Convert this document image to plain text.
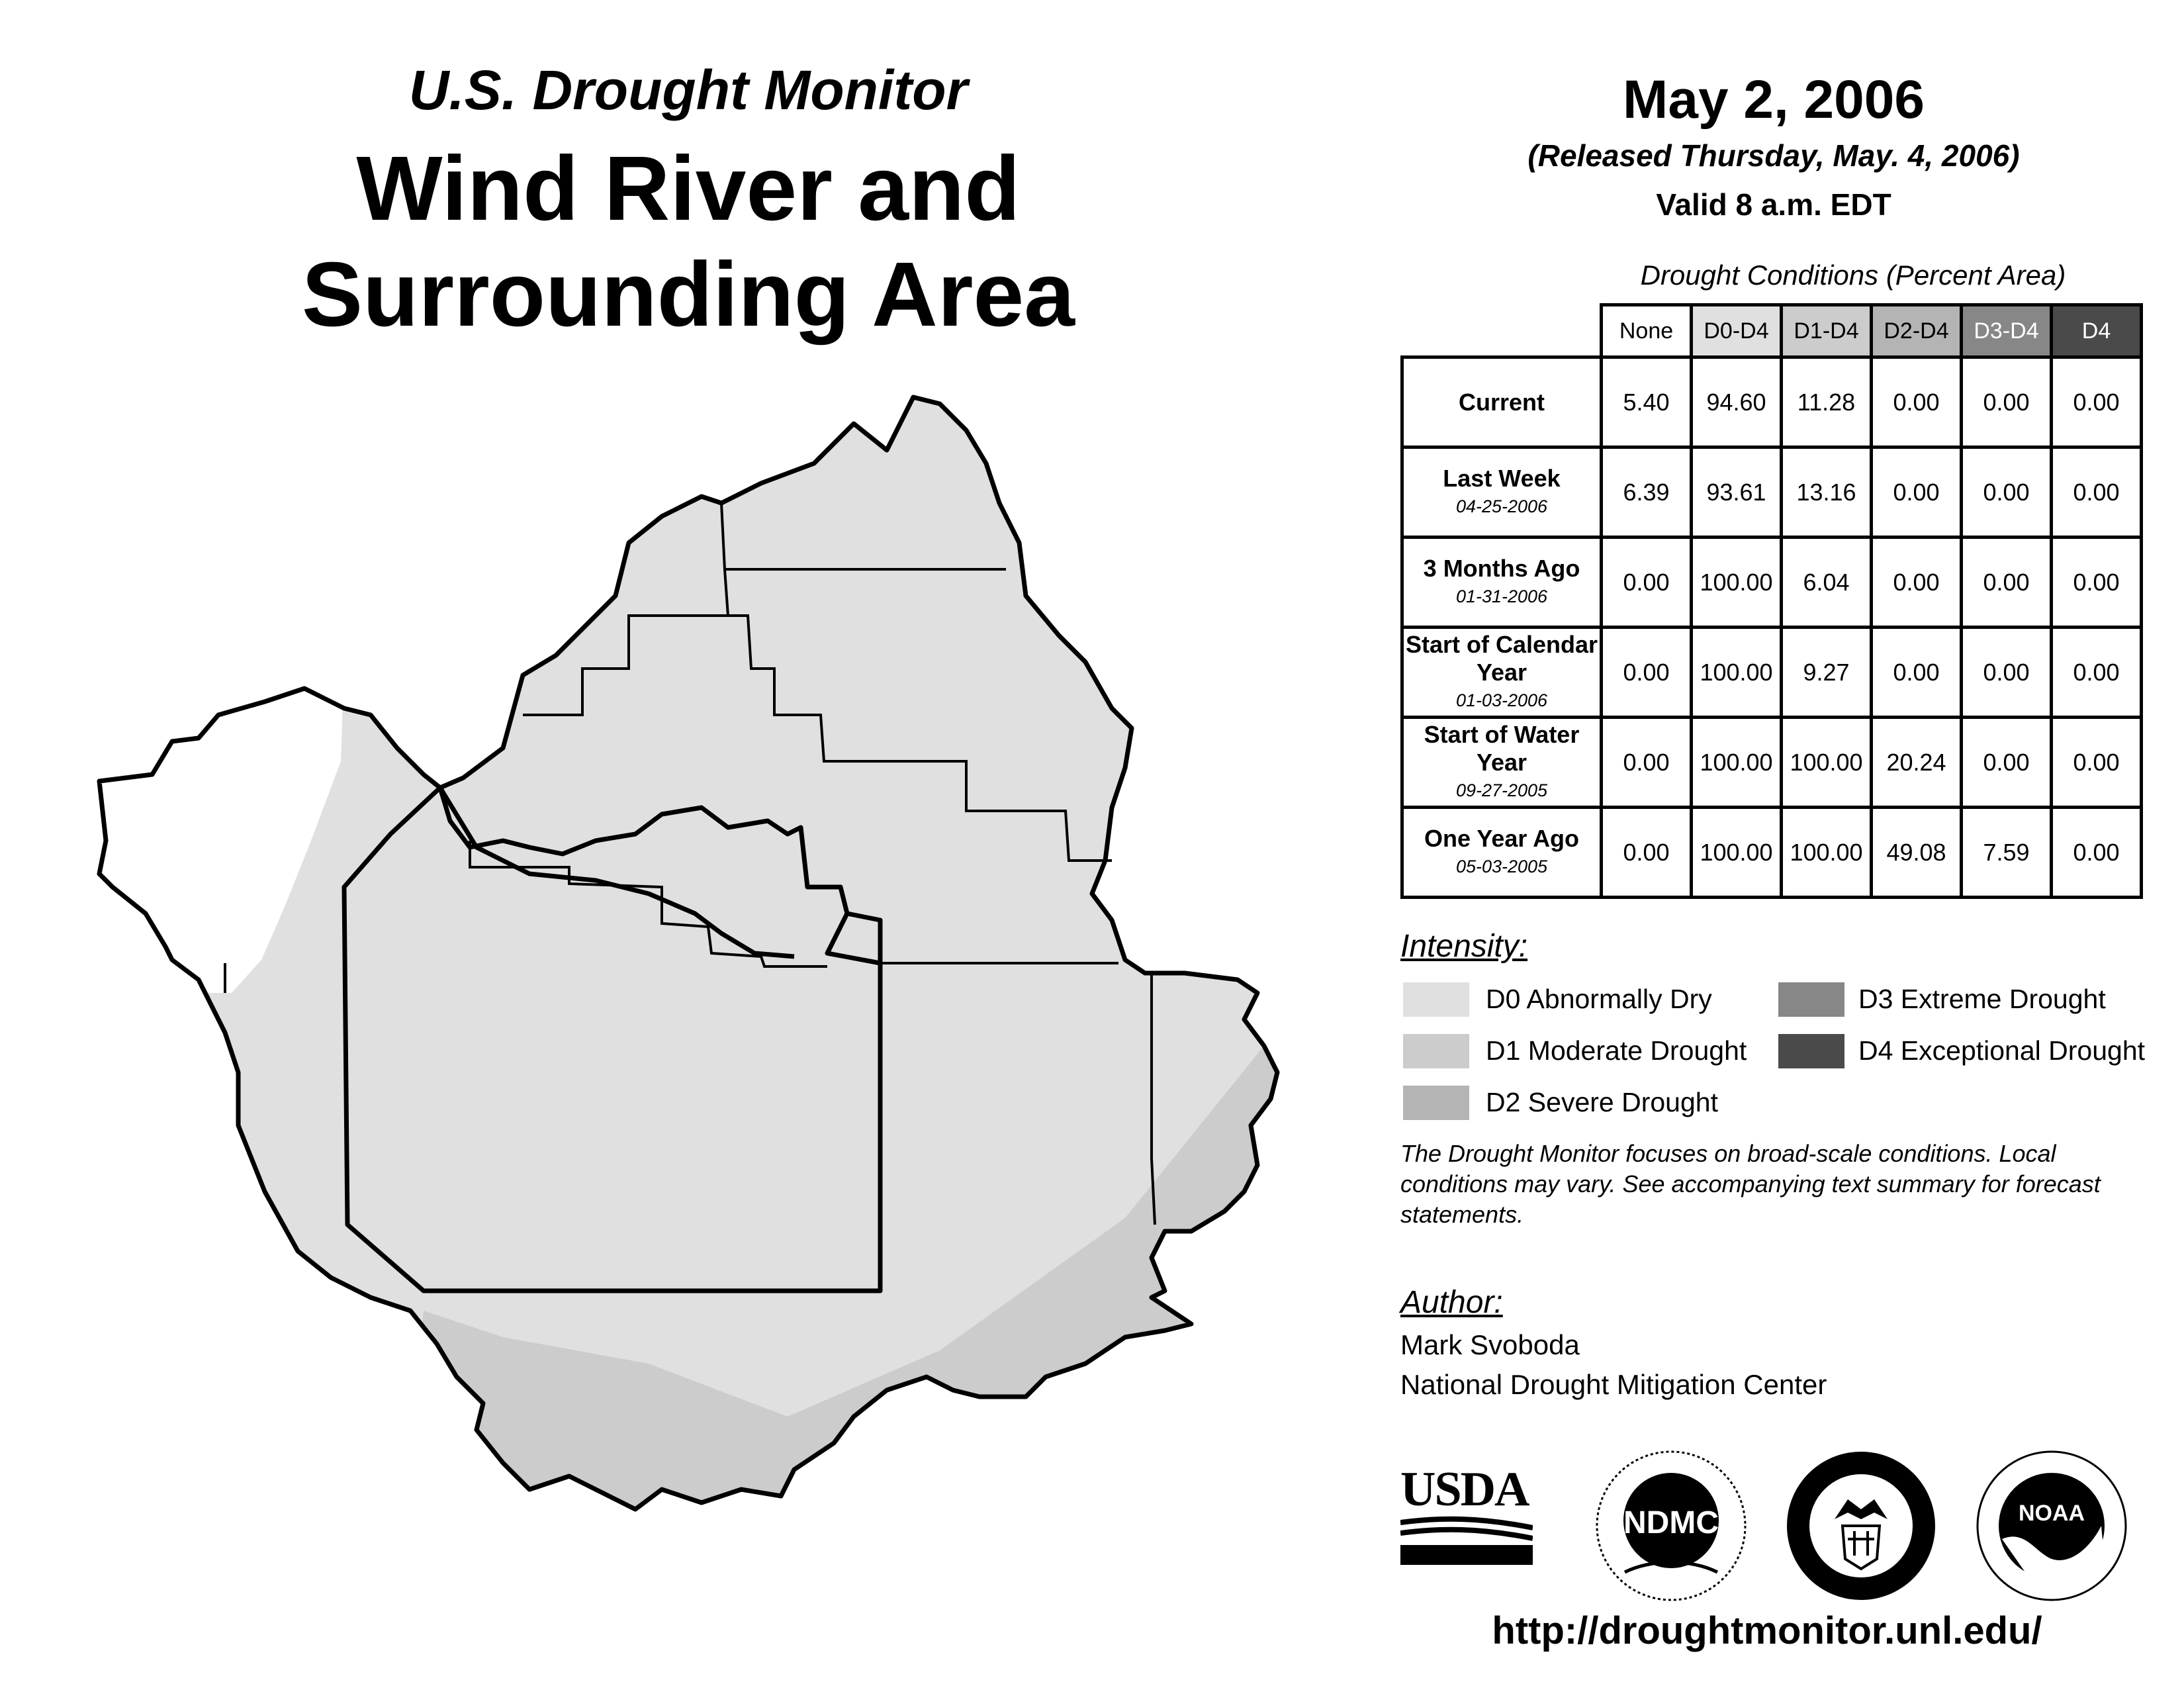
U.S. Drought Monitor
Wind River and
Surrounding Area
May 2, 2006
(Released Thursday, May. 4, 2006)
Valid 8 a.m. EDT
Drought Conditions (Percent Area)
	None	D0-D4	D1-D4	D2-D4	D3-D4	D4
Current	5.40	94.60	11.28	0.00	0.00	0.00
Last Week
04-25-2006	6.39	93.61	13.16	0.00	0.00	0.00
3 Months Ago
01-31-2006	0.00	100.00	6.04	0.00	0.00	0.00
Start of Calendar Year
01-03-2006	0.00	100.00	9.27	0.00	0.00	0.00
Start of Water Year
09-27-2005	0.00	100.00	100.00	20.24	0.00	0.00
One Year Ago
05-03-2005	0.00	100.00	100.00	49.08	7.59	0.00
Intensity:
D0 Abnormally Dry
D1 Moderate Drought
D2 Severe Drought
D3 Extreme Drought
D4 Exceptional Drought
The Drought Monitor focuses on broad-scale conditions. Local conditions may vary. See accompanying text summary for forecast statements.
Author:
Mark Svoboda
National Drought Mitigation Center
USDA
NDMC	NOAA
http://droughtmonitor.unl.edu/
